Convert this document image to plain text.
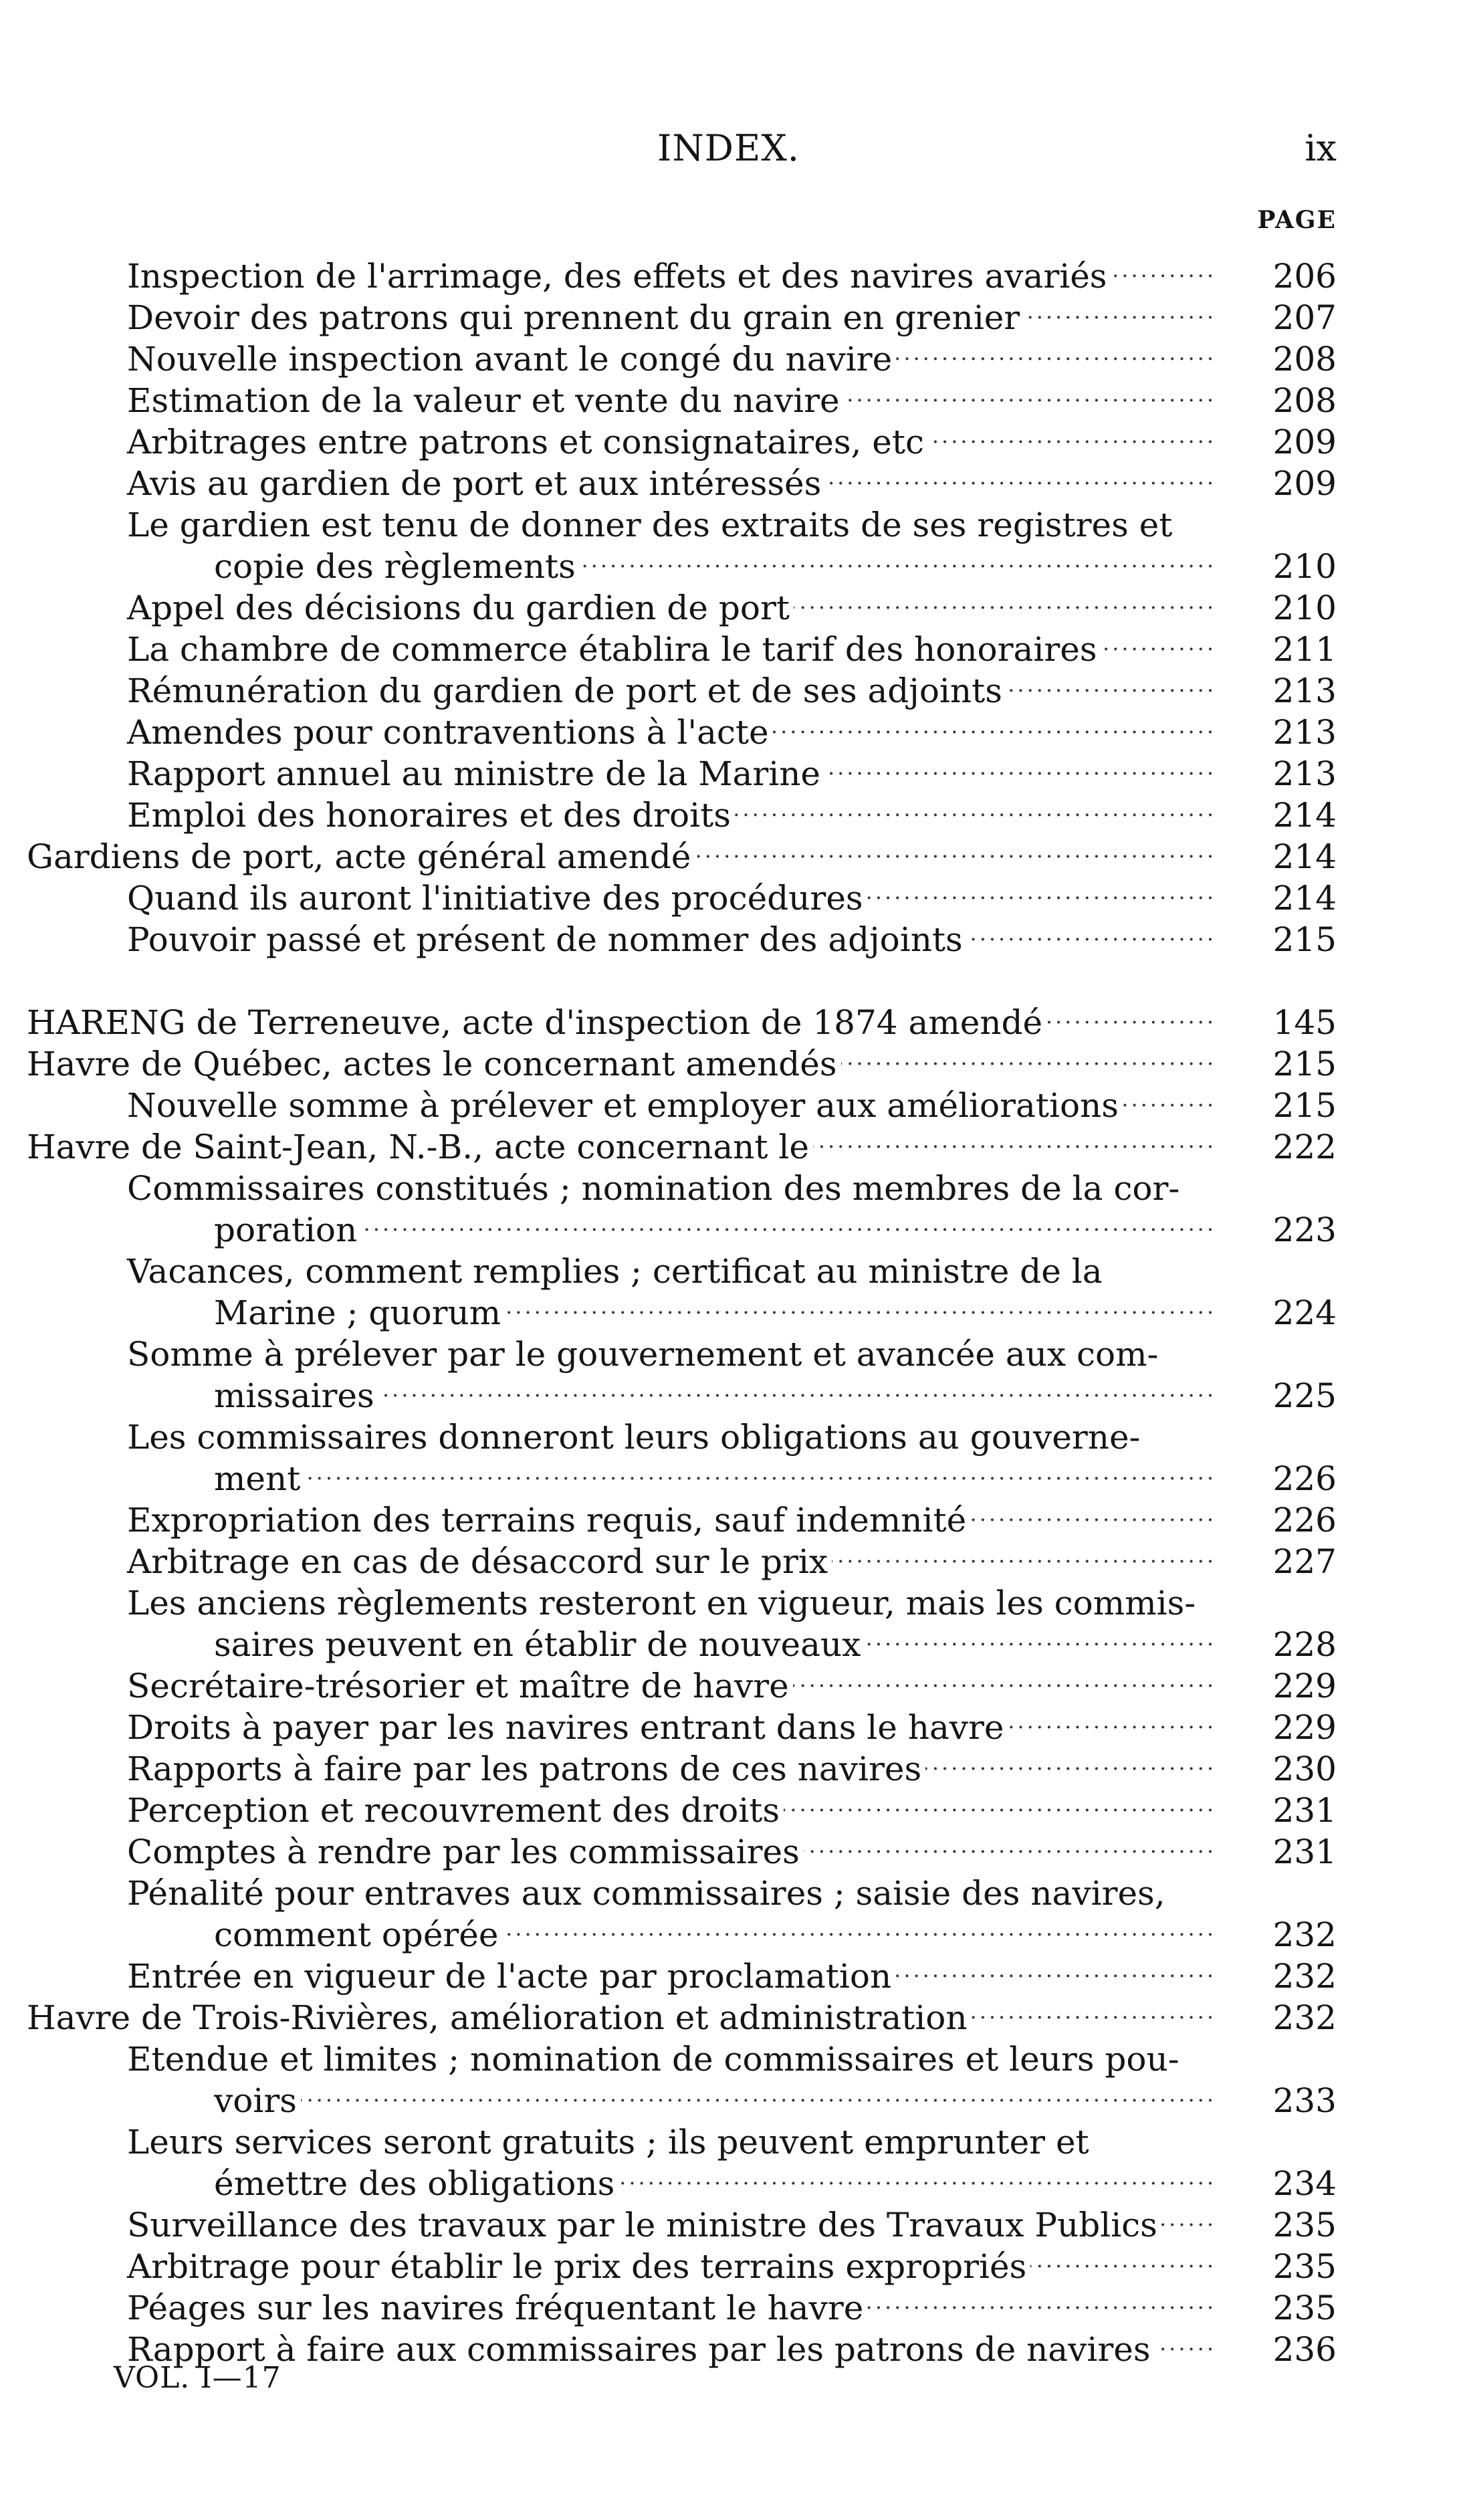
INDEX.	ix
PAGE
.....
Inspection de l'arrimage, des effets et des navires avariés	206
.....
Devoir des patrons qui prennent du grain en grenier	207
.....
Nouvelle inspection avant le congé du navire	208
.....
Estimation de la valeur et vente du navire	208
.....
Arbitrages entre patrons et consignataires, etc	209
.....
Avis au gardien de port et aux intéressés	209
Le gardien est tenu de donner des extraits de ses registres et
.....
copie des règlements	210
.....
Appel des décisions du gardien de port	210
.....
La chambre de commerce établira le tarif des honoraires	211
.....
Rémunération du gardien de port et de ses adjoints	213
.....
Amendes pour contraventions à l'acte	213
.....
Rapport annuel au ministre de la Marine	213
.....
Emploi des honoraires et des droits	214
.....
Gardiens de port, acte général amendé	214
.....
Quand ils auront l'initiative des procédures	214
.....
Pouvoir passé et présent de nommer des adjoints	215
.....
HARENG de Terreneuve, acte d'inspection de 1874 amendé	145
.....
Havre de Québec, actes le concernant amendés	215
.....
Nouvelle somme à prélever et employer aux améliorations	215
.....
Havre de Saint-Jean, N.-B., acte concernant le	222
Commissaires constitués ; nomination des membres de la cor-
.....
poration	223
Vacances, comment remplies ; certificat au ministre de la
.....
Marine ; quorum	224
Somme à prélever par le gouvernement et avancée aux com-
.....
missaires	225
Les commissaires donneront leurs obligations au gouverne-
.....
ment	226
.....
Expropriation des terrains requis, sauf indemnité	226
.....
Arbitrage en cas de désaccord sur le prix	227
Les anciens règlements resteront en vigueur, mais les commis-
.....
saires peuvent en établir de nouveaux	228
.....
Secrétaire-trésorier et maître de havre	229
.....
Droits à payer par les navires entrant dans le havre	229
.....
Rapports à faire par les patrons de ces navires	230
.....
Perception et recouvrement des droits	231
.....
Comptes à rendre par les commissaires	231
Pénalité pour entraves aux commissaires ; saisie des navires,
.....
comment opérée	232
.....
Entrée en vigueur de l'acte par proclamation	232
.....
Havre de Trois-Rivières, amélioration et administration	232
Etendue et limites ; nomination de commissaires et leurs pou-
.....
voirs	233
Leurs services seront gratuits ; ils peuvent emprunter et
.....
émettre des obligations	234
.....
Surveillance des travaux par le ministre des Travaux Publics	235
.....
Arbitrage pour établir le prix des terrains expropriés	235
.....
Péages sur les navires fréquentant le havre	235
.....
Rapport à faire aux commissaires par les patrons de navires	236
VOL. I—17
